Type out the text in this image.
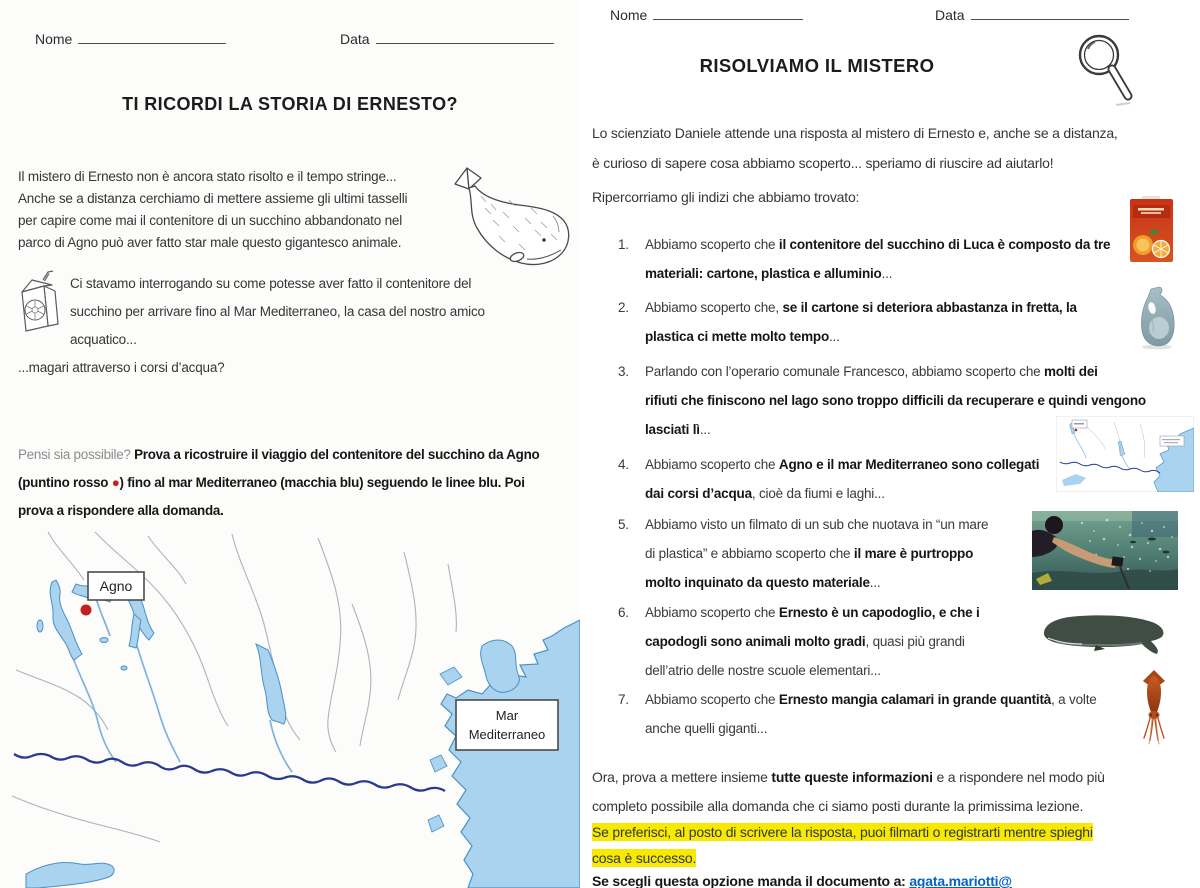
Nome	Data
TI RICORDI LA STORIA DI ERNESTO?
Il mistero di Ernesto non è ancora stato risolto e il tempo stringe...
Anche se a distanza cerchiamo di mettere assieme gli ultimi tasselli
per capire come mai il contenitore di un succhino abbandonato nel
parco di Agno può aver fatto star male questo gigantesco animale.
Ci stavamo interrogando su come potesse aver fatto il contenitore del
succhino per arrivare fino al Mar Mediterraneo, la casa del nostro amico
acquatico...
...magari attraverso i corsi d’acqua?
Pensi sia possibile? Prova a ricostruire il viaggio del contenitore del succhino da Agno
(puntino rosso ●) fino al mar Mediterraneo (macchia blu) seguendo le linee blu. Poi
prova a rispondere alla domanda.
Agno
Mar
Mediterraneo
Nome	Data
RISOLVIAMO IL MISTERO
Lo scienziato Daniele attende una risposta al mistero di Ernesto e, anche se a distanza,
è curioso di sapere cosa abbiamo scoperto... speriamo di riuscire ad aiutarlo!
Ripercorriamo gli indizi che abbiamo trovato:
1.	Abbiamo scoperto che il contenitore del succhino di Luca è composto da tre
materiali: cartone, plastica e alluminio...
2.	Abbiamo scoperto che, se il cartone si deteriora abbastanza in fretta, la
plastica ci mette molto tempo...
3.	Parlando con l’operario comunale Francesco, abbiamo scoperto che molti dei
rifiuti che finiscono nel lago sono troppo difficili da recuperare e quindi vengono
lasciati lì...
4.	Abbiamo scoperto che Agno e il mar Mediterraneo sono collegati
dai corsi d’acqua, cioè da fiumi e laghi...
5.	Abbiamo visto un filmato di un sub che nuotava in “un mare
di plastica” e abbiamo scoperto che il mare è purtroppo
molto inquinato da questo materiale...
6.	Abbiamo scoperto che Ernesto è un capodoglio, e che i
capodogli sono animali molto gradi, quasi più grandi
dell’atrio delle nostre scuole elementari...
7.	Abbiamo scoperto che Ernesto mangia calamari in grande quantità, a volte
anche quelli giganti...

Ora, prova a mettere insieme tutte queste informazioni e a rispondere nel modo più
completo possibile alla domanda che ci siamo posti durante la primissima lezione.

Se preferisci, al posto di scrivere la risposta, puoi filmarti o registrarti mentre spieghi
cosa è successo.

Se scegli questa opzione manda il documento a: agata.mariotti@
